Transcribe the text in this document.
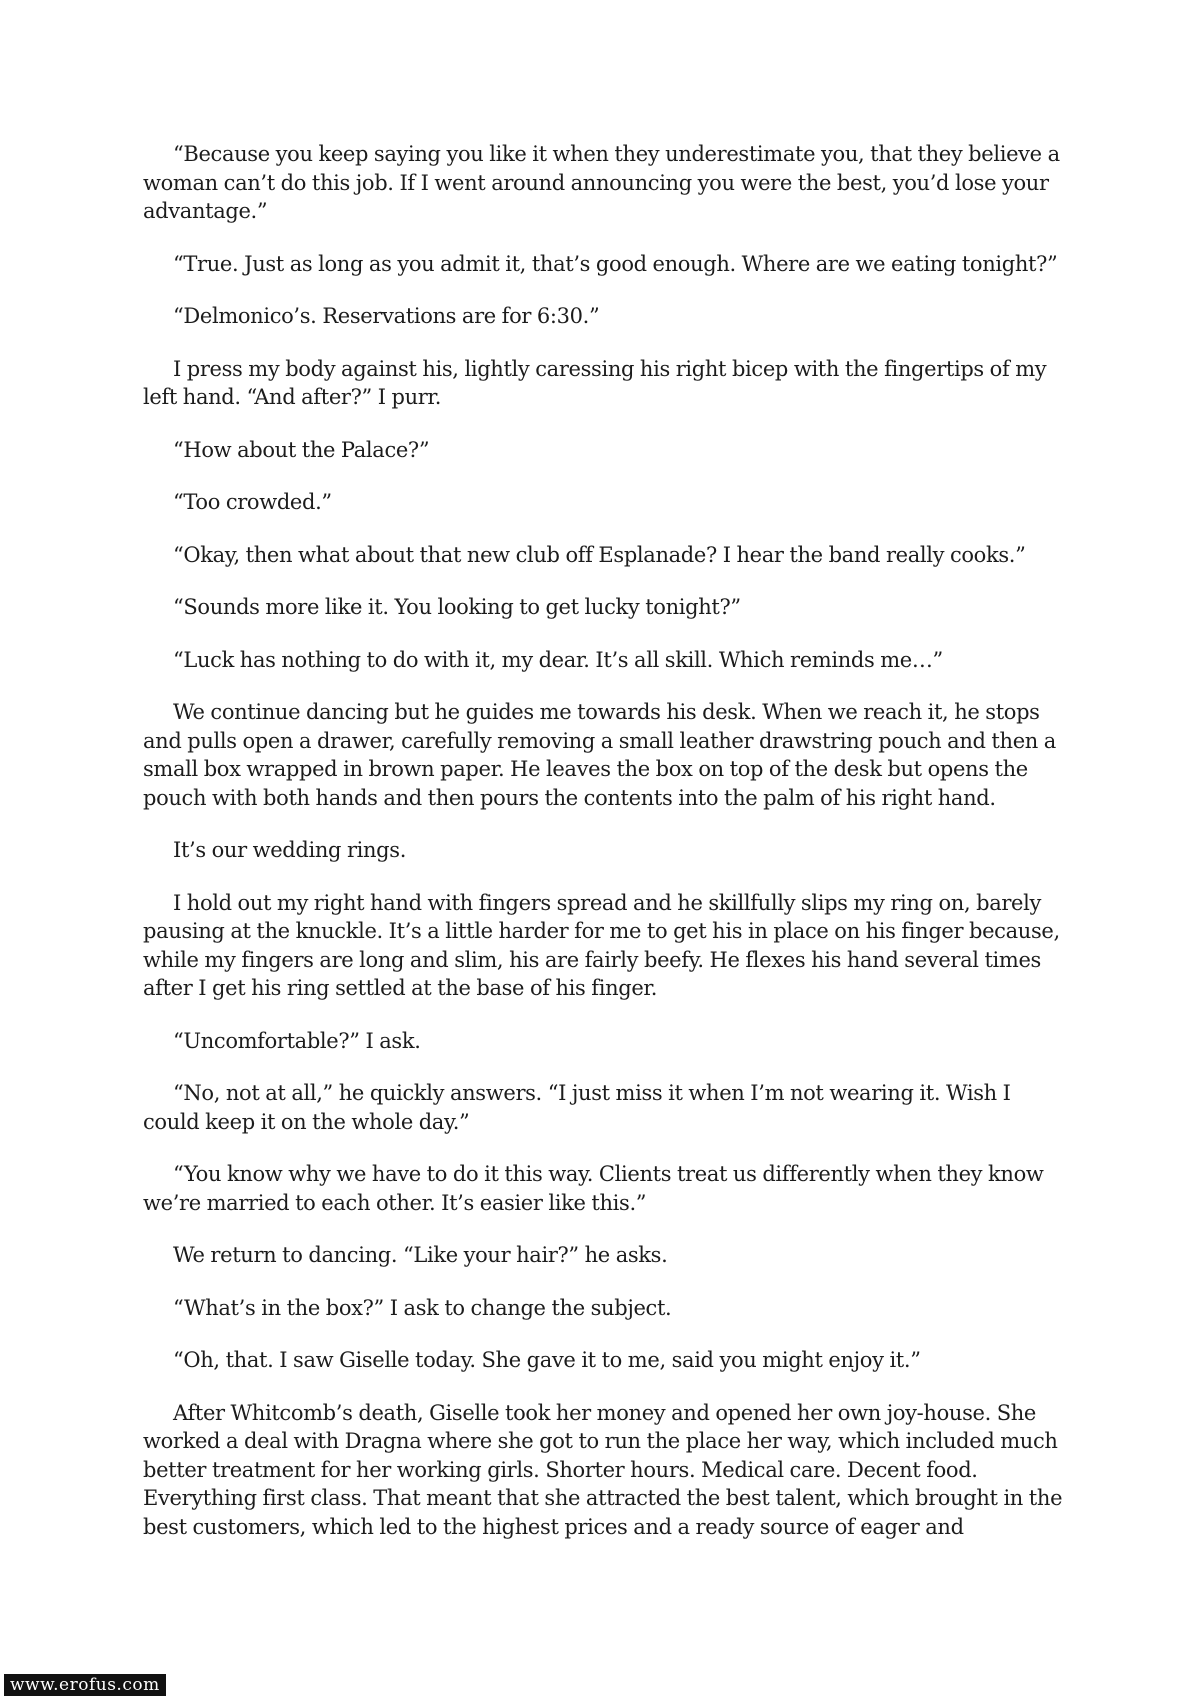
“Because you keep saying you like it when they underestimate you, that they believe a woman can’t do this job. If I went around announcing you were the best, you’d lose your advantage.”

“True. Just as long as you admit it, that’s good enough. Where are we eating tonight?”

“Delmonico’s. Reservations are for 6:30.”

I press my body against his, lightly caressing his right bicep with the fingertips of my left hand. “And after?” I purr.

“How about the Palace?”

“Too crowded.”

“Okay, then what about that new club off Esplanade? I hear the band really cooks.”

“Sounds more like it. You looking to get lucky tonight?”

“Luck has nothing to do with it, my dear. It’s all skill. Which reminds me…”

We continue dancing but he guides me towards his desk. When we reach it, he stops and pulls open a drawer, carefully removing a small leather drawstring pouch and then a small box wrapped in brown paper. He leaves the box on top of the desk but opens the pouch with both hands and then pours the contents into the palm of his right hand.

It’s our wedding rings.

I hold out my right hand with fingers spread and he skillfully slips my ring on, barely pausing at the knuckle. It’s a little harder for me to get his in place on his finger because, while my fingers are long and slim, his are fairly beefy. He flexes his hand several times after I get his ring settled at the base of his finger.

“Uncomfortable?” I ask.

“No, not at all,” he quickly answers. “I just miss it when I’m not wearing it. Wish I could keep it on the whole day.”

“You know why we have to do it this way. Clients treat us differently when they know we’re married to each other. It’s easier like this.”

We return to dancing. “Like your hair?” he asks.

“What’s in the box?” I ask to change the subject.

“Oh, that. I saw Giselle today. She gave it to me, said you might enjoy it.”

After Whitcomb’s death, Giselle took her money and opened her own joy-house. She worked a deal with Dragna where she got to run the place her way, which included much better treatment for her working girls. Shorter hours. Medical care. Decent food. Everything first class. That meant that she attracted the best talent, which brought in the best customers, which led to the highest prices and a ready source of eager and

www.erofus.com
